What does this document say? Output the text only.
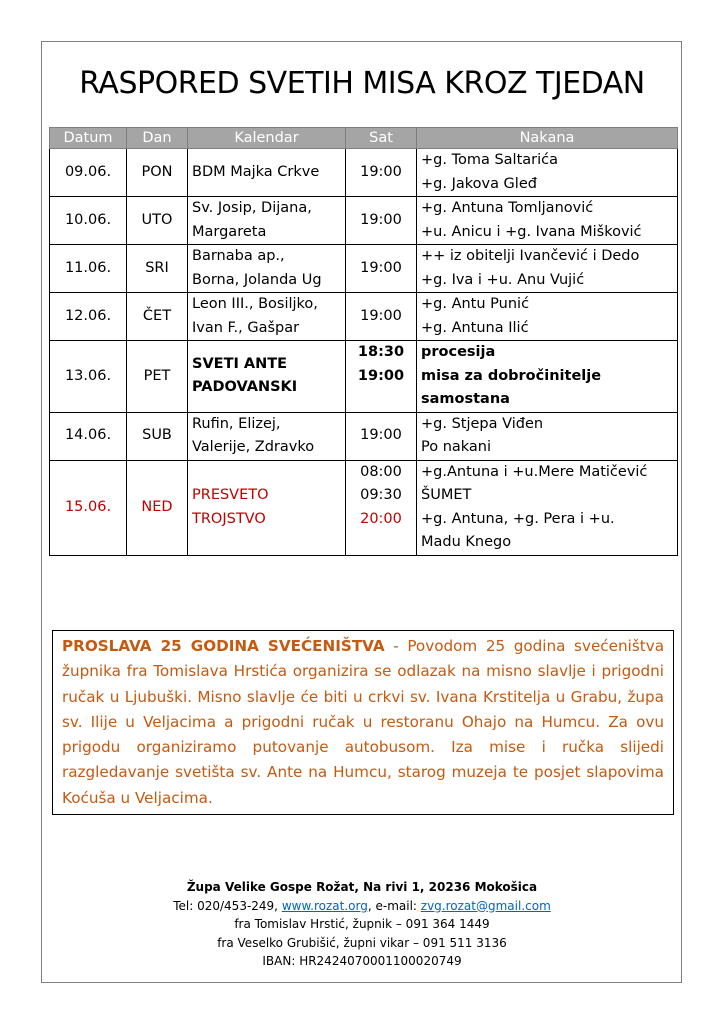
RASPORED SVETIH MISA KROZ TJEDAN
Datum	Dan	Kalendar	Sat	Nakana
09.06.	PON	BDM Majka Crkve	19:00	+g. Toma Saltarića
+g. Jakova Gleđ

10.06.	UTO	Sv. Josip, Dijana,
Margareta	19:00	+g. Antuna Tomljanović
+u. Anicu i +g. Ivana Mišković

11.06.	SRI	Barnaba ap.,
Borna, Jolanda Ug	19:00	++ iz obitelji Ivančević i Dedo
+g. Iva i +u. Anu Vujić

12.06.	ČET	Leon III., Bosiljko,
Ivan F., Gašpar	19:00	+g. Antu Punić
+g. Antuna Ilić

13.06.	PET	SVETI ANTE
PADOVANSKI	18:30
19:00	procesija
misa za dobročinitelje
samostana

14.06.	SUB	Rufin, Elizej,
Valerije, Zdravko	19:00	+g. Stjepa Viđen
Po nakani

15.06.	NED	PRESVETO
TROJSTVO	08:00
09:30
20:00	+g.Antuna i +u.Mere Matičević
ŠUMET
+g. Antuna, +g. Pera i +u.
Madu Knego
PROSLAVA 25 GODINA SVEĆENIŠTVA - Povodom 25 godina svećeništva župnika fra Tomislava Hrstića organizira se odlazak na misno slavlje i prigodni ručak u Ljubuški. Misno slavlje će biti u crkvi sv. Ivana Krstitelja u Grabu, župa sv. Ilije u Veljacima a prigodni ručak u restoranu Ohajo na Humcu. Za ovu prigodu organiziramo putovanje autobusom. Iza mise i ručka slijedi razgledavanje svetišta sv. Ante na Humcu, starog muzeja te posjet slapovima Koćuša u Veljacima.
Župa Velike Gospe Rožat, Na rivi 1, 20236 Mokošica
Tel: 020/453-249, www.rozat.org, e-mail: zvg.rozat@gmail.com
fra Tomislav Hrstić, župnik – 091 364 1449
fra Veselko Grubišić, župni vikar – 091 511 3136
IBAN: HR2424070001100020749
